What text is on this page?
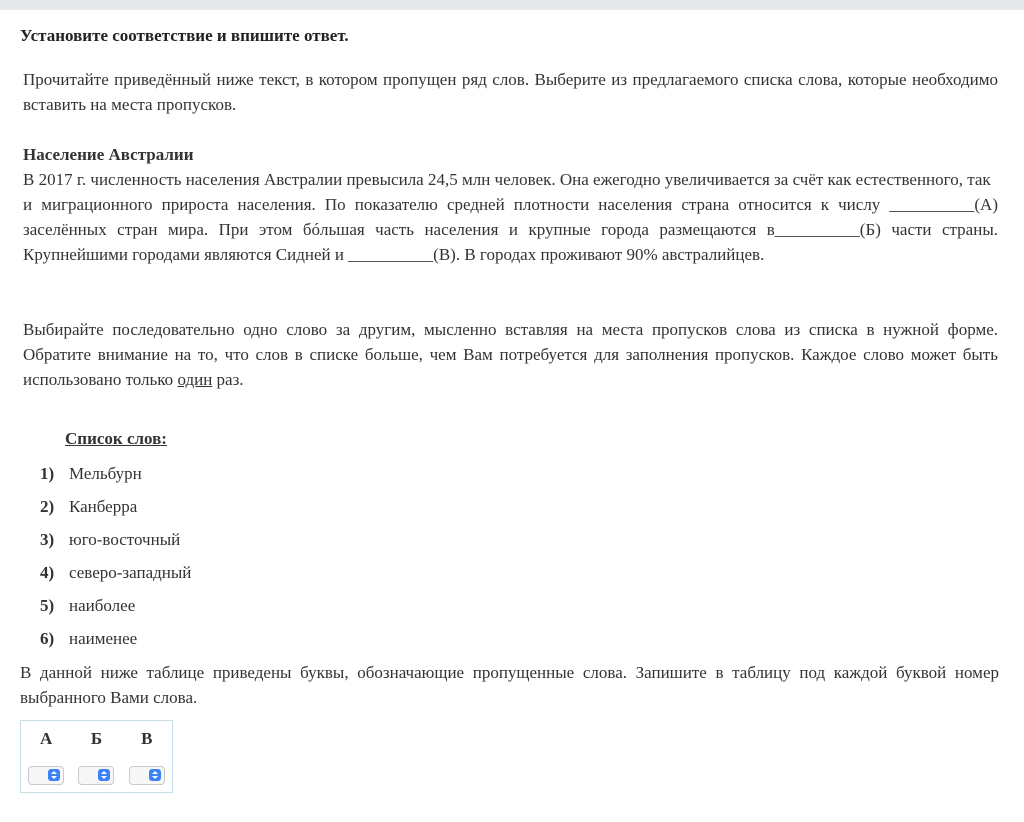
Установите соответствие и впишите ответ.
Прочитайте приведённый ниже текст, в котором пропущен ряд слов. Выберите из предлагаемого списка слова, которые необходимо вставить на места пропусков.
Население Австралии
В 2017 г. численность населения Австралии превысила 24,5 млн человек. Она ежегодно увеличивается за счёт как естественного, так
и миграционного прироста населения. По показателю средней плотности населения страна относится к числу __________(А) заселённых стран мира. При этом бóльшая часть населения и крупные города размещаются в__________(Б) части страны. Крупнейшими городами являются Сидней и __________(В). В городах проживают 90% австралийцев.
Выбирайте последовательно одно слово за другим, мысленно вставляя на места пропусков слова из списка в нужной форме. Обратите внимание на то, что слов в списке больше, чем Вам потребуется для заполнения пропусков. Каждое слово может быть использовано только один раз.
Список слов:
1) Мельбурн
2) Канберра
3) юго-восточный
4) северо-западный
5) наиболее
6) наименее
В данной ниже таблице приведены буквы, обозначающие пропущенные слова. Запишите в таблицу под каждой буквой номер выбранного Вами слова.
А	Б	В
